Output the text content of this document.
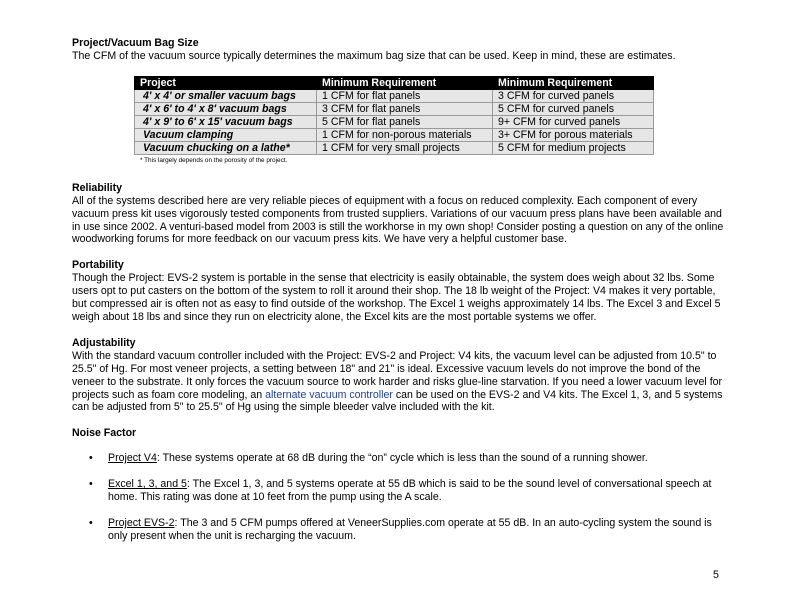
Project/Vacuum Bag Size

The CFM of the vacuum source typically determines the maximum bag size that can be used. Keep in mind, these are estimates.

Project	Minimum Requirement	Minimum Requirement
4' x 4' or smaller vacuum bags	1 CFM for flat panels	3 CFM for curved panels
4' x 6' to 4' x 8' vacuum bags	3 CFM for flat panels	5 CFM for curved panels
4' x 9' to 6' x 15' vacuum bags	5 CFM for flat panels	9+ CFM for curved panels
Vacuum clamping	1 CFM for non-porous materials	3+ CFM for porous materials
Vacuum chucking on a lathe*	1 CFM for very small projects	5 CFM for medium projects
* This largely depends on the porosity of the project.
Reliability

All of the systems described here are very reliable pieces of equipment with a focus on reduced complexity. Each component of every vacuum press kit uses vigorously tested components from trusted suppliers. Variations of our vacuum press plans have been available and in use since 2002. A venturi-based model from 2003 is still the workhorse in my own shop! Consider posting a question on any of the online woodworking forums for more feedback on our vacuum press kits. We have very a helpful customer base.

Portability

Though the Project: EVS-2 system is portable in the sense that electricity is easily obtainable, the system does weigh about 32 lbs. Some users opt to put casters on the bottom of the system to roll it around their shop. The 18 lb weight of the Project: V4 makes it very portable, but compressed air is often not as easy to find outside of the workshop. The Excel 1 weighs approximately 14 lbs. The Excel 3 and Excel 5 weigh about 18 lbs and since they run on electricity alone, the Excel kits are the most portable systems we offer.

Adjustability

With the standard vacuum controller included with the Project: EVS-2 and Project: V4 kits, the vacuum level can be adjusted from 10.5" to 25.5" of Hg. For most veneer projects, a setting between 18" and 21" is ideal. Excessive vacuum levels do not improve the bond of the veneer to the substrate. It only forces the vacuum source to work harder and risks glue-line starvation. If you need a lower vacuum level for projects such as foam core modeling, an alternate vacuum controller can be used on the EVS-2 and V4 kits. The Excel 1, 3, and 5 systems can be adjusted from 5" to 25.5" of Hg using the simple bleeder valve included with the kit.

Noise Factor
• Project V4: These systems operate at 68 dB during the “on” cycle which is less than the sound of a running shower.
• Excel 1, 3, and 5: The Excel 1, 3, and 5 systems operate at 55 dB which is said to be the sound level of conversational speech at home. This rating was done at 10 feet from the pump using the A scale.
• Project EVS-2: The 3 and 5 CFM pumps offered at VeneerSupplies.com operate at 55 dB. In an auto-cycling system the sound is only present when the unit is recharging the vacuum.
5
